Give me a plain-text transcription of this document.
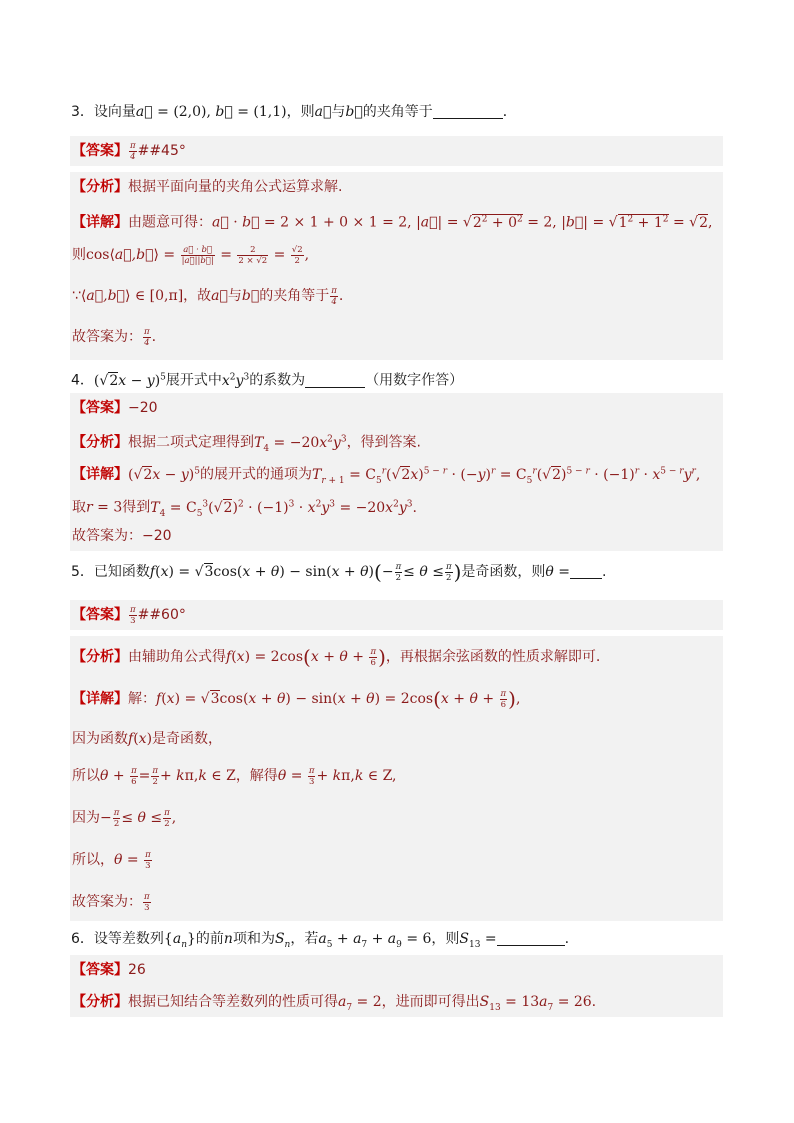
3．设向量a⃗ = (2,0), b⃗ = (1,1)，则a⃗与b⃗的夹角等于	．
【答案】 $\frac{\pi}{4}$ ##45°
【分析】根据平面向量的夹角公式运算求解.
【详解】由题意可得：a⃗ · b⃗ = 2 × 1 + 0 × 1 = 2, |a⃗| = $√2^2 + 0^2 = 2$, |b⃗| = $√1^2 + 1^2 = √2$,
则cos⟨a⃗,b⃗⟩ = $\frac{a⃗ \cdot b⃗}{|a⃗||b⃗|} = \frac{2}{2 \times √2} = \frac{√2}{2}$ ,
∵⟨a⃗,b⃗⟩ ∈ [0,π]，故a⃗与b⃗的夹角等于 $\frac{\pi}{4}$ .
故答案为： $\frac{\pi}{4}$ .
4．$(√2x - y)^5$展开式中$x^2y^3$的系数为	（用数字作答）
【答案】−20
【分析】根据二项式定理得到$T_4 = -20x^2y^3$，得到答案.
【详解】$(√2x - y)^5$的展开式的通项为$T_{r + 1} = C_5^r(√2x)^{5 - r} \cdot (-y)^r = C_5^r(√2)^{5 - r} \cdot (-1)^r \cdot x^{5 - r}y^r$,
取r = 3得到$T_4 = C_5^3(√2)^2 \cdot (-1)^3 \cdot x^2y^3 = -20x^2y^3$.
故答案为：−20
5．已知函数$f(x) = √3\cos(x + \theta) - \sin(x + \theta)(- \frac{\pi}{2} \le \theta \le \frac{\pi}{2}$ )是奇函数，则θ = .
【答案】 $\frac{\pi}{3}$ ##60°
【分析】由辅助角公式得$f(x) = 2\cos(x + \theta + \frac{\pi}{6}$ )，再根据余弦函数的性质求解即可.
【详解】解：$f(x) = √3\cos(x + \theta) - \sin(x + \theta) = 2\cos(x + \theta + \frac{\pi}{6}$ ),
因为函数f(x)是奇函数，
所以$\theta + \frac{\pi}{6} = \frac{\pi}{2} + k\pi,k$ ∈ Z，解得$\theta = \frac{\pi}{3} + k\pi,k$ ∈ Z,
因为− $\frac{\pi}{2} \le \theta \le \frac{\pi}{2}$ ,
所以，$\theta = \frac{\pi}{3}$
故答案为： $\frac{\pi}{3}$
6．设等差数列$\{a_n\}$的前n项和为$S_n$，若$a_5 + a_7 + a_9 = 6$，则$S_{13}$ =	.
【答案】26
【分析】根据已知结合等差数列的性质可得$a_7 = 2$，进而即可得出$S_{13} = 13a_7 = 26$.
